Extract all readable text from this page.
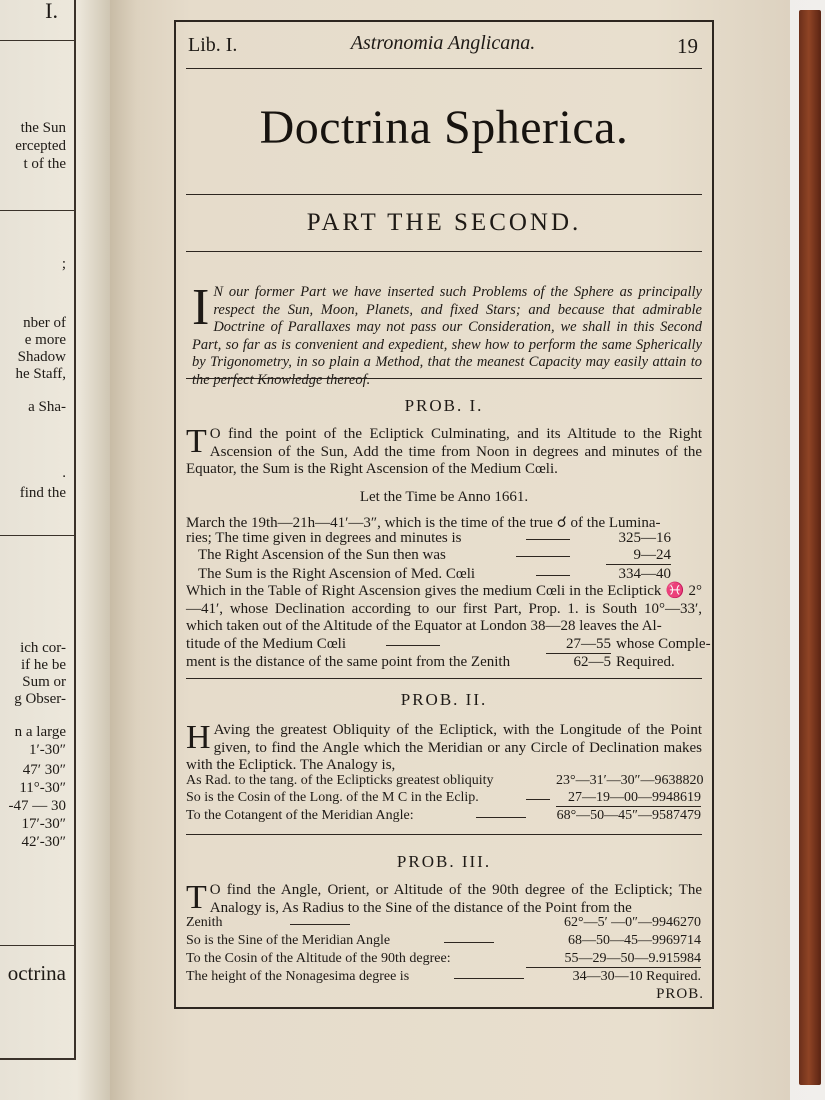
I.
the Sun
ercepted
t of the
;
nber of
e more
Shadow
he Staff,
a Sha-
.
find the
ich cor-
if he be
Sum or
g Obser-
n a large
1′-30″
47′ 30″
11°-30″
-47 — 30
17′-30″
42′-30″
octrina
Lib. I.	Astronomia Anglicana.	19
Doctrina Spherica.
PART THE SECOND.

I N our former Part we have inserted such Problems of the Sphere as principally respect the Sun, Moon, Planets, and fixed Stars; and because that admirable Doctrine of Parallaxes may not pass our Consideration, we shall in this Second Part, so far as is convenient and expedient, shew how to perform the same Spherically by Trigonometry, in so plain a Method, that the meanest Capacity may easily attain to the perfect Knowledge thereof.

PROB. I.
T O find the point of the Ecliptick Culminating, and its Altitude to the Right Ascension of the Sun, Add the time from Noon in degrees and minutes of the Equator, the Sum is the Right Ascension of the Medium Cœli.
Let the Time be Anno 1661.
March the 19th—21h—41′—3″, which is the time of the true ☌ of the Lumina-
ries; The time given in degrees and minutes is	325—16
The Right Ascension of the Sun then was	9—24
The Sum is the Right Ascension of Med. Cœli	334—40
Which in the Table of Right Ascension gives the medium Cœli in the Ecliptick ♓ 2°—41′, whose Declination according to our first Part, Prop. 1. is South 10°—33′, which taken out of the Altitude of the Equator at London 38—28 leaves the Al-
titude of the Medium Cœli	27—55 whose Comple-
ment is the distance of the same point from the Zenith	62—5 Required.
PROB. II.
H Aving the greatest Obliquity of the Ecliptick, with the Longitude of the Point given, to find the Angle which the Meridian or any Circle of Declination makes with the Ecliptick. The Analogy is,
As Rad. to the tang. of the Eclipticks greatest obliquity	23°—31′—30″—9638820
So is the Cosin of the Long. of the M C in the Eclip.	27—19—00—9948619
To the Cotangent of the Meridian Angle:	68°—50—45″—9587479
PROB. III.
T O find the Angle, Orient, or Altitude of the 90th degree of the Ecliptick; The Analogy is, As Radius to the Sine of the distance of the Point from the
Zenith	62°—5′ —0″—9946270
So is the Sine of the Meridian Angle	68—50—45—9969714
To the Cosin of the Altitude of the 90th degree:	55—29—50—9.915984
The height of the Nonagesima degree is	34—30—10 Required.
PROB.
